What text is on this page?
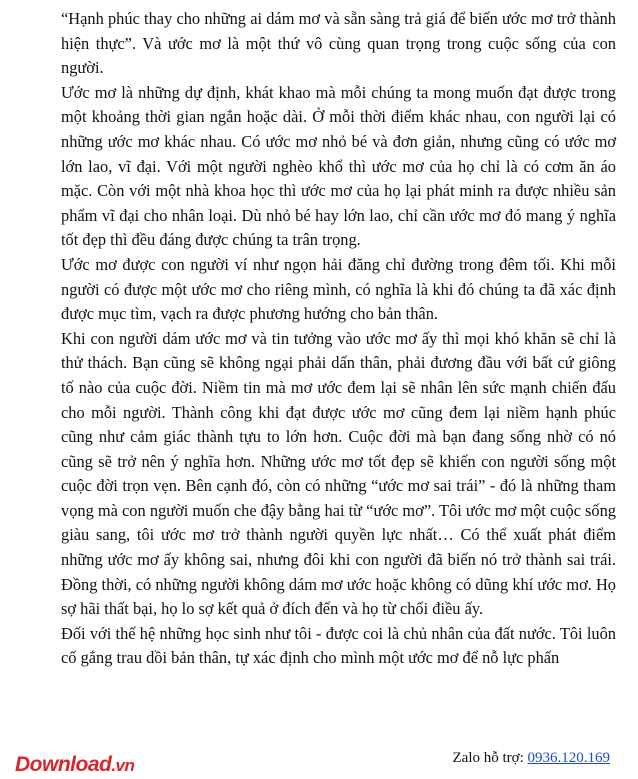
“Hạnh phúc thay cho những ai dám mơ và sẵn sàng trả giá để biến ước mơ trở thành hiện thực”. Và ước mơ là một thứ vô cùng quan trọng trong cuộc sống của con người.

Ước mơ là những dự định, khát khao mà mỗi chúng ta mong muốn đạt được trong một khoảng thời gian ngắn hoặc dài. Ở mỗi thời điểm khác nhau, con người lại có những ước mơ khác nhau. Có ước mơ nhỏ bé và đơn giản, nhưng cũng có ước mơ lớn lao, vĩ đại. Với một người nghèo khổ thì ước mơ của họ chỉ là có cơm ăn áo mặc. Còn với một nhà khoa học thì ước mơ của họ lại phát minh ra được nhiều sản phẩm vĩ đại cho nhân loại. Dù nhỏ bé hay lớn lao, chỉ cần ước mơ đó mang ý nghĩa tốt đẹp thì đều đáng được chúng ta trân trọng.

Ước mơ được con người ví như ngọn hải đăng chỉ đường trong đêm tối. Khi mỗi người có được một ước mơ cho riêng mình, có nghĩa là khi đó chúng ta đã xác định được mục tìm, vạch ra được phương hướng cho bản thân.

Khi con người dám ước mơ và tin tưởng vào ước mơ ấy thì mọi khó khăn sẽ chỉ là thử thách. Bạn cũng sẽ không ngại phải dấn thân, phải đương đầu với bất cứ giông tố nào của cuộc đời. Niềm tin mà mơ ước đem lại sẽ nhân lên sức mạnh chiến đấu cho mỗi người. Thành công khi đạt được ước mơ cũng đem lại niềm hạnh phúc cũng như cảm giác thành tựu to lớn hơn. Cuộc đời mà bạn đang sống nhờ có nó cũng sẽ trở nên ý nghĩa hơn. Những ước mơ tốt đẹp sẽ khiến con người sống một cuộc đời trọn vẹn. Bên cạnh đó, còn có những “ước mơ sai trái” - đó là những tham vọng mà con người muốn che đậy bằng hai từ “ước mơ”. Tôi ước mơ một cuộc sống giàu sang, tôi ước mơ trở thành người quyền lực nhất… Có thể xuất phát điểm những ước mơ ấy không sai, nhưng đôi khi con người đã biến nó trở thành sai trái. Đồng thời, có những người không dám mơ ước hoặc không có dũng khí ước mơ. Họ sợ hãi thất bại, họ lo sợ kết quả ở đích đến và họ từ chối điều ấy.

Đối với thế hệ những học sinh như tôi - được coi là chủ nhân của đất nước. Tôi luôn cố gắng trau dồi bản thân, tự xác định cho mình một ước mơ để nỗ lực phấn

Download.vn	Zalo hỗ trợ: 0936.120.169
